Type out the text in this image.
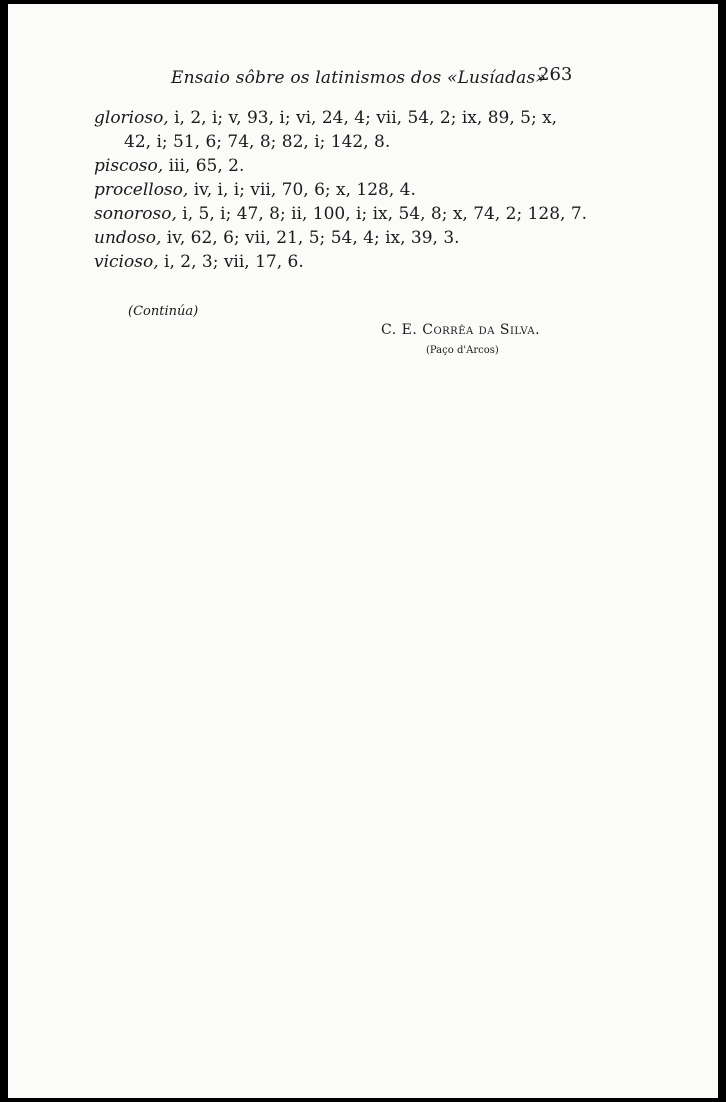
Ensaio sôbre os latinismos dos «Lusíadas»
263
glorioso, i, 2, i; v, 93, i; vi, 24, 4; vii, 54, 2; ix, 89, 5; x,
42, i; 51, 6; 74, 8; 82, i; 142, 8.
piscoso, iii, 65, 2.
procelloso, iv, i, i; vii, 70, 6; x, 128, 4.
sonoroso, i, 5, i; 47, 8; ii, 100, i; ix, 54, 8; x, 74, 2; 128, 7.
undoso, iv, 62, 6; vii, 21, 5; 54, 4; ix, 39, 3.
vicioso, i, 2, 3; vii, 17, 6.
(Continúa)
C. E. Corrêa da Silva.
(Paço d'Arcos)
